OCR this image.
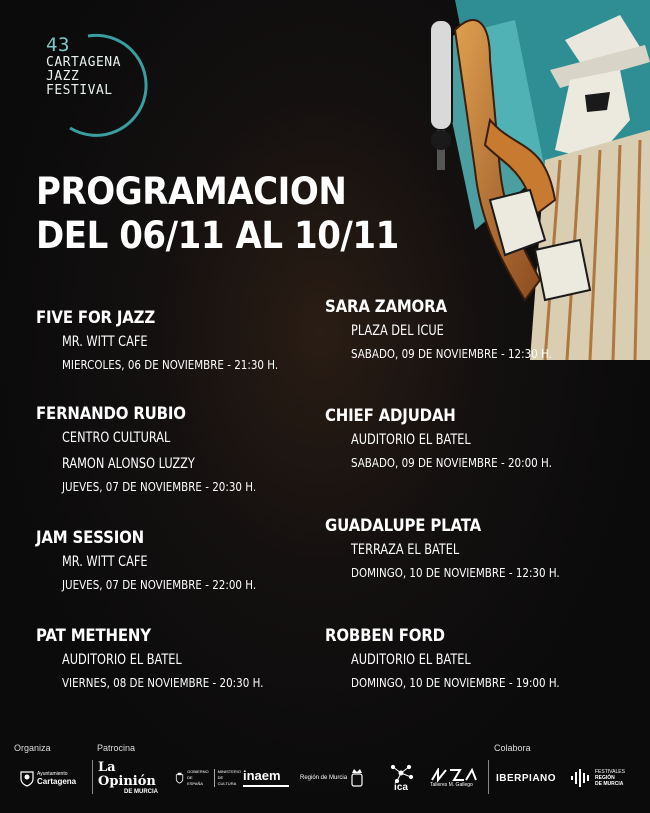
43
CARTAGENA
JAZZ
FESTIVAL
PROGRAMACION
DEL 06/11 AL 10/11
FIVE FOR JAZZ
MR. WITT CAFE
MIERCOLES, 06 DE NOVIEMBRE - 21:30 H.
FERNANDO RUBIO
CENTRO CULTURAL
RAMON ALONSO LUZZY
JUEVES, 07 DE NOVIEMBRE - 20:30 H.
JAM SESSION
MR. WITT CAFE
JUEVES, 07 DE NOVIEMBRE - 22:00 H.
PAT METHENY
AUDITORIO EL BATEL
VIERNES, 08 DE NOVIEMBRE - 20:30 H.
SARA ZAMORA
PLAZA DEL ICUE
SABADO, 09 DE NOVIEMBRE - 12:30 H.
CHIEF ADJUDAH
AUDITORIO EL BATEL
SABADO, 09 DE NOVIEMBRE - 20:00 H.
GUADALUPE PLATA
TERRAZA EL BATEL
DOMINGO, 10 DE NOVIEMBRE - 12:30 H.
ROBBEN FORD
AUDITORIO EL BATEL
DOMINGO, 10 DE NOVIEMBRE - 19:00 H.
Organiza	Patrocina	Colabora
Ayuntamiento
Cartagena
La Opinión
DE MURCIA
GOBIERNO
DE ESPAÑA
MINISTERIO
DE CULTURA
inaem	Región de Murcia
ica	Talleres M. Gallego
IBERPIANO
FESTIVALES
REGIÓN
DE MURCIA
